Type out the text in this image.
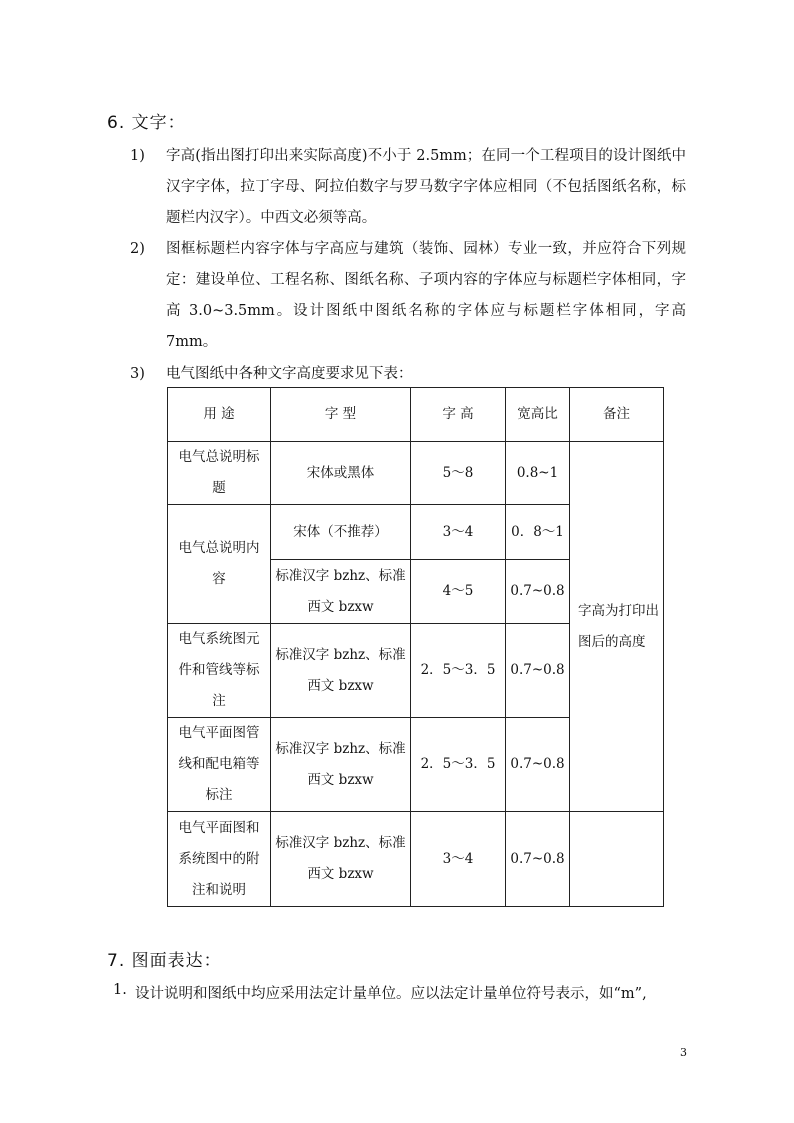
6. 文字：
1) 字高(指出图打印出来实际高度)不小于 2.5mm；在同一个工程项目的设计图纸中汉字字体，拉丁字母、阿拉伯数字与罗马数字字体应相同（不包括图纸名称，标题栏内汉字）。中西文必须等高。
2) 图框标题栏内容字体与字高应与建筑（装饰、园林）专业一致，并应符合下列规定：建设单位、工程名称、图纸名称、子项内容的字体应与标题栏字体相同，字高 3.0~3.5mm。设计图纸中图纸名称的字体应与标题栏字体相同，字高 7mm。
3) 电气图纸中各种文字高度要求见下表：
用 途	字 型	字 高	宽高比	备注
电气总说明标题	宋体或黑体	5～8	0.8~1	字高为打印出图后的高度
电气总说明内容	宋体（不推荐）	3～4	0．8～1	
	标准汉字 bzhz、标准西文 bzxw	4～5	0.7~0.8	
电气系统图元件和管线等标注	标准汉字 bzhz、标准西文 bzxw	2．5～3．5	0.7~0.8	
电气平面图管线和配电箱等标注	标准汉字 bzhz、标准西文 bzxw	2．5～3．5	0.7~0.8	
电气平面图和系统图中的附注和说明	标准汉字 bzhz、标准西文 bzxw	3～4	0.7~0.8	
7. 图面表达：
1. 设计说明和图纸中均应采用法定计量单位。应以法定计量单位符号表示，如“m”,
3
